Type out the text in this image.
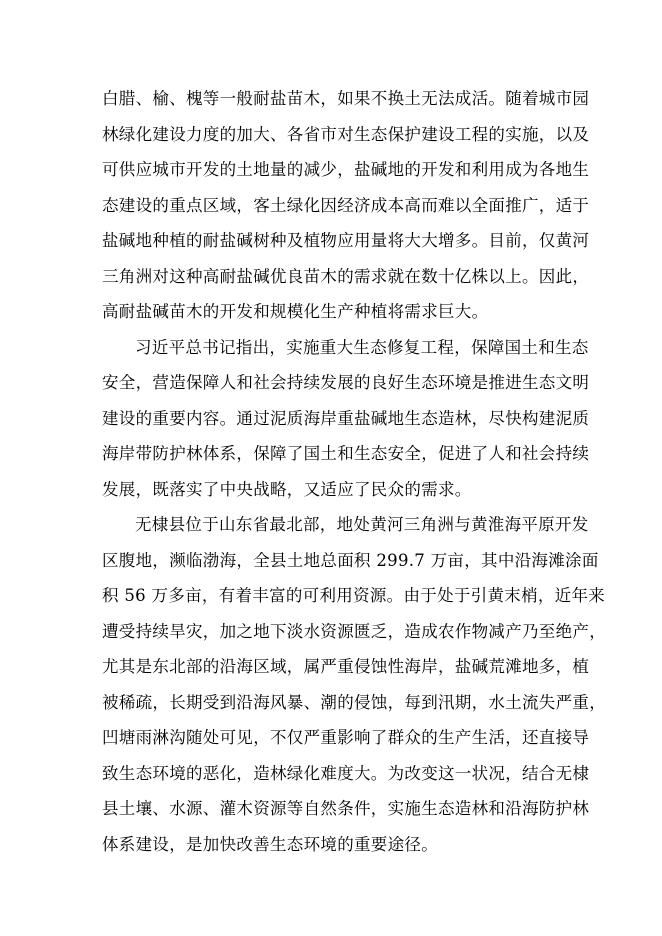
白腊、榆、槐等一般耐盐苗木，如果不换土无法成活。随着城市园
林绿化建设力度的加大、各省市对生态保护建设工程的实施，以及
可供应城市开发的土地量的减少，盐碱地的开发和利用成为各地生
态建设的重点区域，客土绿化因经济成本高而难以全面推广，适于
盐碱地种植的耐盐碱树种及植物应用量将大大增多。目前，仅黄河
三角洲对这种高耐盐碱优良苗木的需求就在数十亿株以上。因此，
高耐盐碱苗木的开发和规模化生产种植将需求巨大。
习近平总书记指出，实施重大生态修复工程，保障国土和生态
安全，营造保障人和社会持续发展的良好生态环境是推进生态文明
建设的重要内容。通过泥质海岸重盐碱地生态造林，尽快构建泥质
海岸带防护林体系，保障了国土和生态安全，促进了人和社会持续
发展，既落实了中央战略，又适应了民众的需求。
无棣县位于山东省最北部，地处黄河三角洲与黄淮海平原开发
区腹地，濒临渤海，全县土地总面积 299.7 万亩，其中沿海滩涂面
积 56 万多亩，有着丰富的可利用资源。由于处于引黄末梢，近年来
遭受持续旱灾，加之地下淡水资源匮乏，造成农作物减产乃至绝产，
尤其是东北部的沿海区域，属严重侵蚀性海岸，盐碱荒滩地多，植
被稀疏，长期受到沿海风暴、潮的侵蚀，每到汛期，水土流失严重，
凹塘雨淋沟随处可见，不仅严重影响了群众的生产生活，还直接导
致生态环境的恶化，造林绿化难度大。为改变这一状况，结合无棣
县土壤、水源、灌木资源等自然条件，实施生态造林和沿海防护林
体系建设，是加快改善生态环境的重要途径。
